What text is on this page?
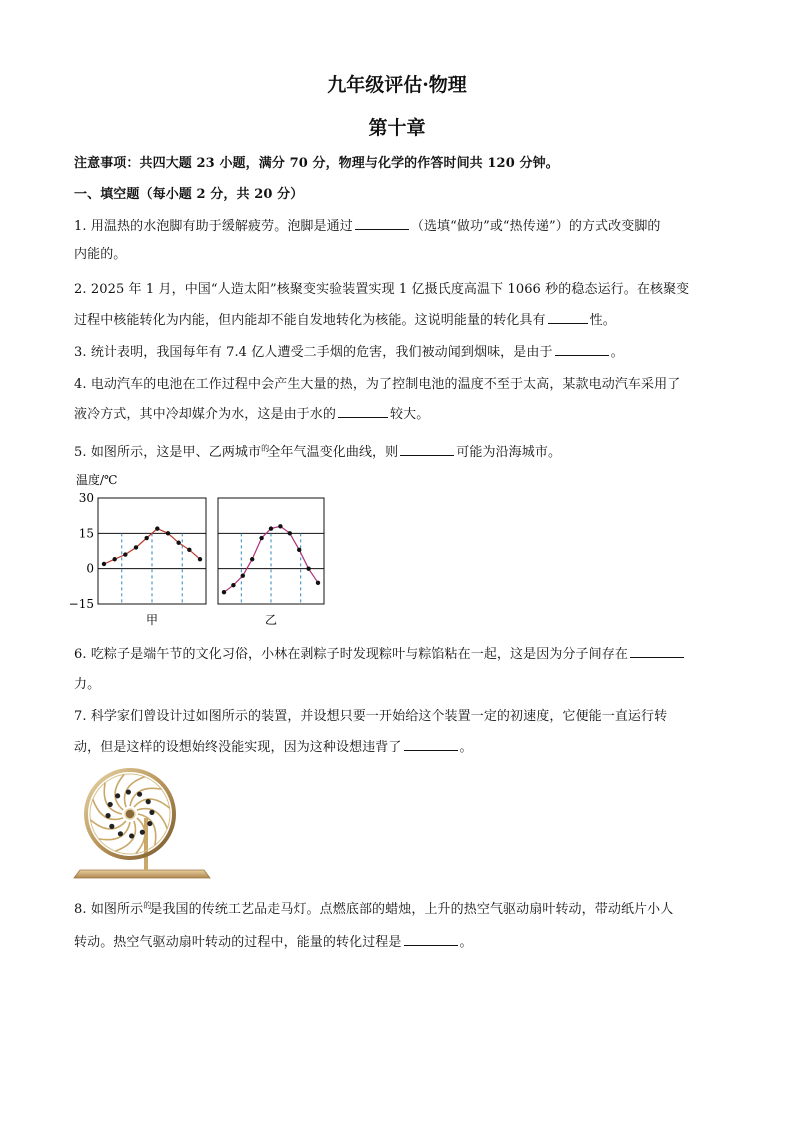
九年级评估·物理
第十章
注意事项：共四大题 23 小题，满分 70 分，物理与化学的作答时间共 120 分钟。
一、填空题（每小题 2 分，共 20 分）
1. 用温热的水泡脚有助于缓解疲劳。泡脚是通过	（选填“做功”或“热传递”）的方式改变脚的
内能的。
2. 2025 年 1 月，中国“人造太阳”核聚变实验装置实现 1 亿摄氏度高温下 1066 秒的稳态运行。在核聚变
过程中核能转化为内能，但内能却不能自发地转化为核能。这说明能量的转化具有	性。
3. 统计表明，我国每年有 7.4 亿人遭受二手烟的危害，我们被动闻到烟味，是由于	。
4. 电动汽车的电池在工作过程中会产生大量的热，为了控制电池的温度不至于太高，某款电动汽车采用了
液冷方式，其中冷却媒介为水，这是由于水的	较大。
5. 如图所示，这是甲、乙两城市$^的$全年气温变化曲线，则	可能为沿海城市。
温度/℃
30
15
0
−15
甲	乙
6. 吃粽子是端午节的文化习俗，小林在剥粽子时发现粽叶与粽馅粘在一起，这是因为分子间存在
力。
7. 科学家们曾设计过如图所示的装置，并设想只要一开始给这个装置一定的初速度，它便能一直运行转
动，但是这样的设想始终没能实现，因为这种设想违背了	。
8. 如图所示$^的$是我国的传统工艺品走马灯。点燃底部的蜡烛，上升的热空气驱动扇叶转动，带动纸片小人
转动。热空气驱动扇叶转动的过程中，能量的转化过程是	。
